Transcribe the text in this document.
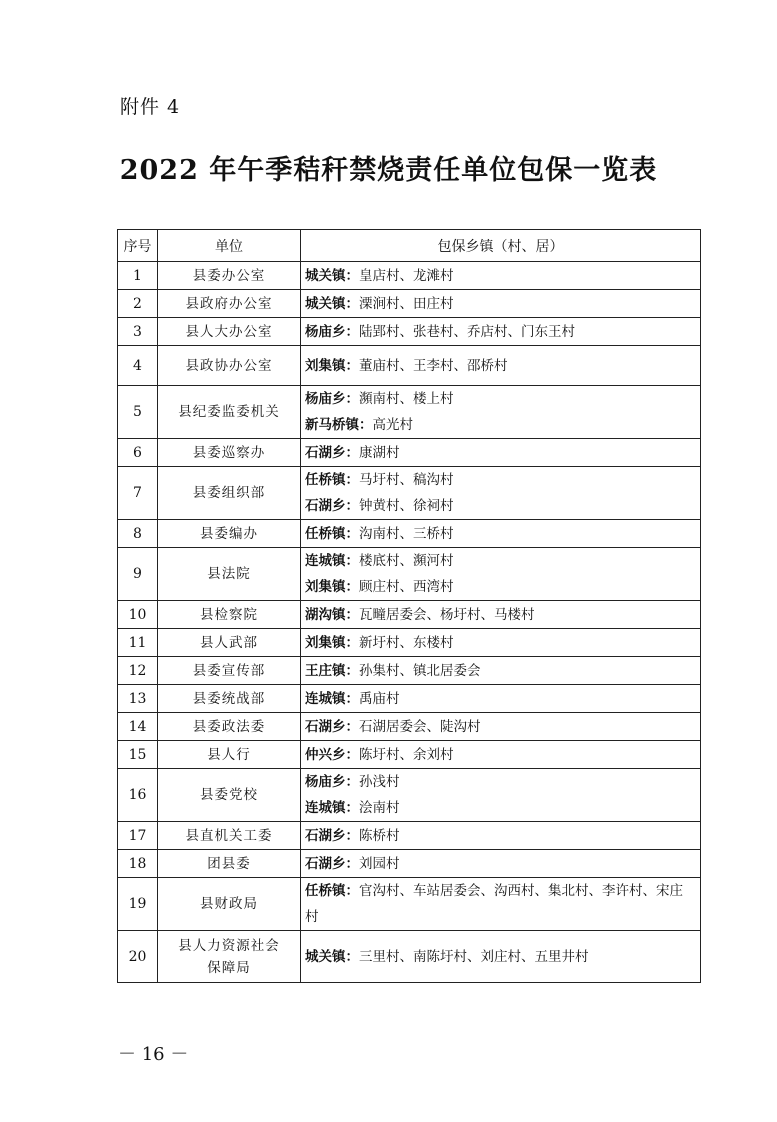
附件 4
2022 年午季秸秆禁烧责任单位包保一览表
序号	单位	包保乡镇（村、居）
1	县委办公室	城关镇：皇店村、龙滩村

2	县政府办公室	城关镇：溧涧村、田庄村

3	县人大办公室	杨庙乡：陆郢村、张巷村、乔店村、门东王村

4	县政协办公室	刘集镇：董庙村、王李村、邵桥村

5	县纪委监委机关	杨庙乡：瀕南村、楼上村
新马桥镇：高光村

6	县委巡察办	石湖乡：康湖村

7	县委组织部	任桥镇：马圩村、稿沟村
石湖乡：钟黄村、徐祠村

8	县委编办	任桥镇：沟南村、三桥村

9	县法院	连城镇：楼底村、瀕河村
刘集镇：顾庄村、西湾村

10	县检察院	湖沟镇：瓦疃居委会、杨圩村、马楼村

11	县人武部	刘集镇：新圩村、东楼村

12	县委宣传部	王庄镇：孙集村、镇北居委会

13	县委统战部	连城镇：禹庙村

14	县委政法委	石湖乡：石湖居委会、陡沟村

15	县人行	仲兴乡：陈圩村、余刘村

16	县委党校	杨庙乡：孙浅村
连城镇：浍南村

17	县直机关工委	石湖乡：陈桥村

18	团县委	石湖乡：刘园村

19	县财政局	任桥镇：官沟村、车站居委会、沟西村、集北村、李许村、宋庄村

20	县人力资源社会保障局	城关镇：三里村、南陈圩村、刘庄村、五里井村
－ 16 －
